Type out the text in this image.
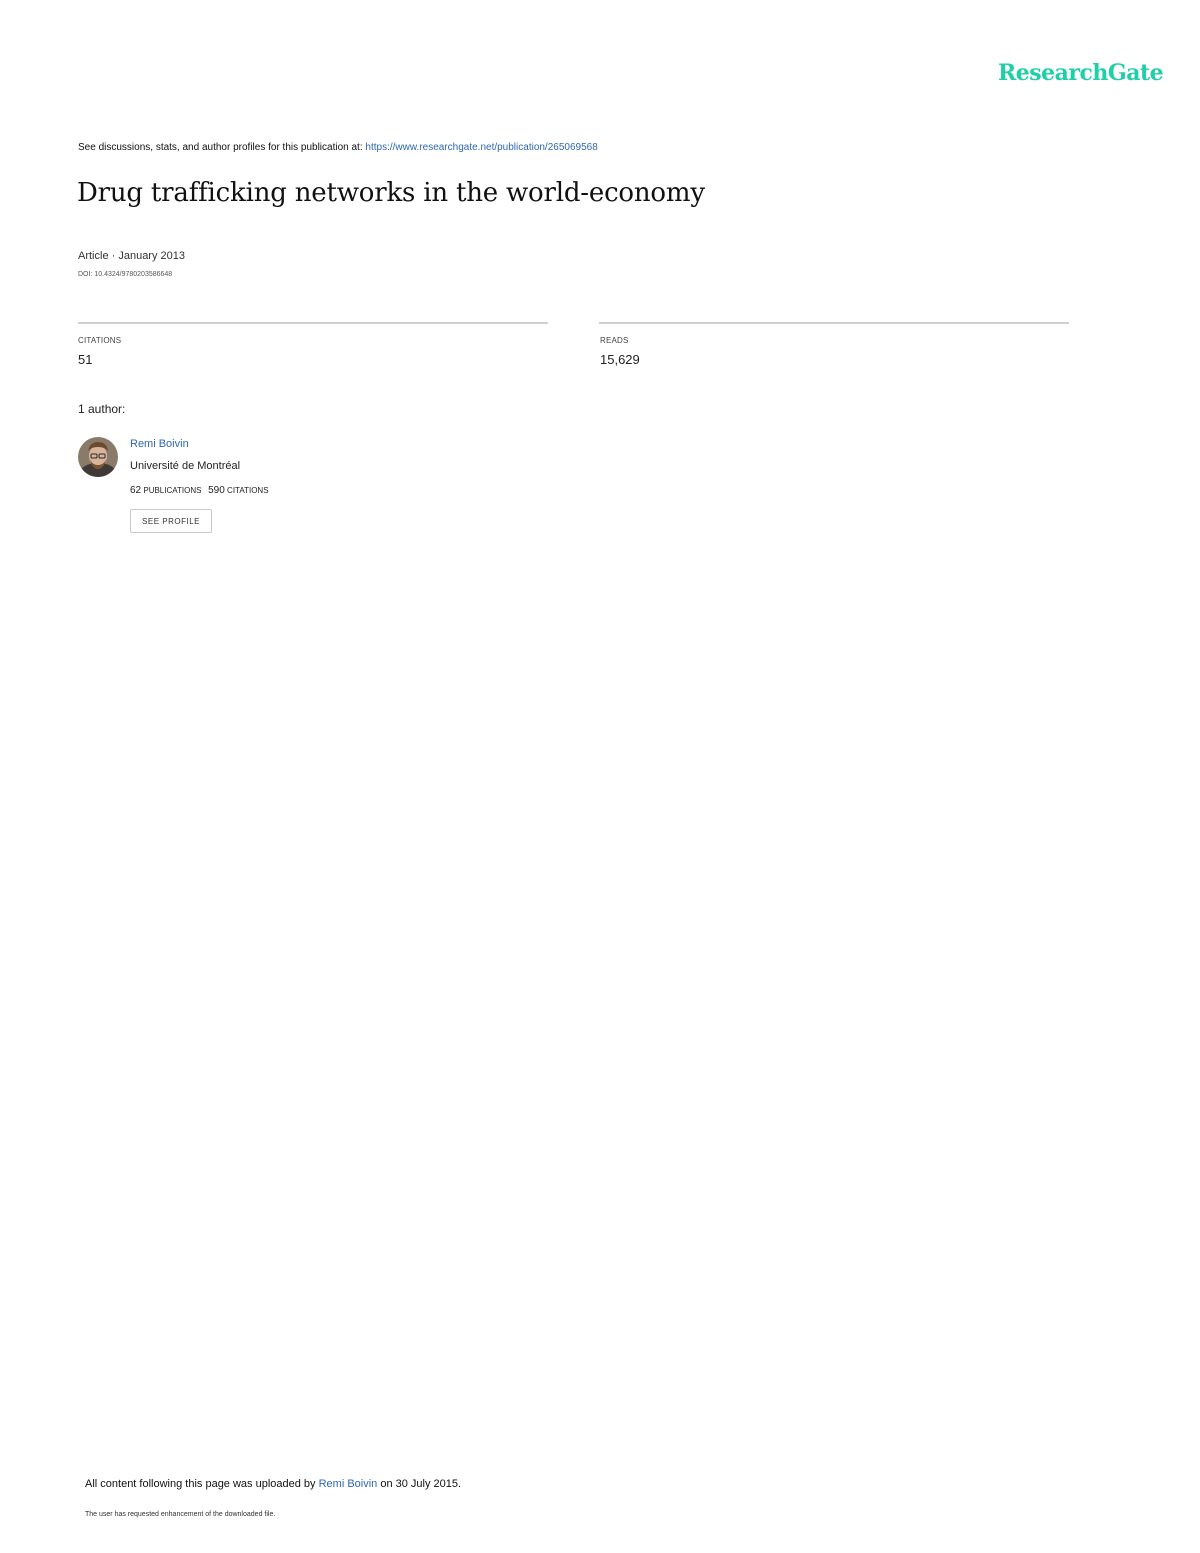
ResearchGate
See discussions, stats, and author profiles for this publication at: https://www.researchgate.net/publication/265069568
Drug trafficking networks in the world-economy
Article · January 2013
DOI: 10.4324/9780203586648
CITATIONS
51
READS
15,629
1 author:
Remi Boivin
Université de Montréal
62 PUBLICATIONS 590 CITATIONS
SEE PROFILE
All content following this page was uploaded by Remi Boivin on 30 July 2015.
The user has requested enhancement of the downloaded file.
